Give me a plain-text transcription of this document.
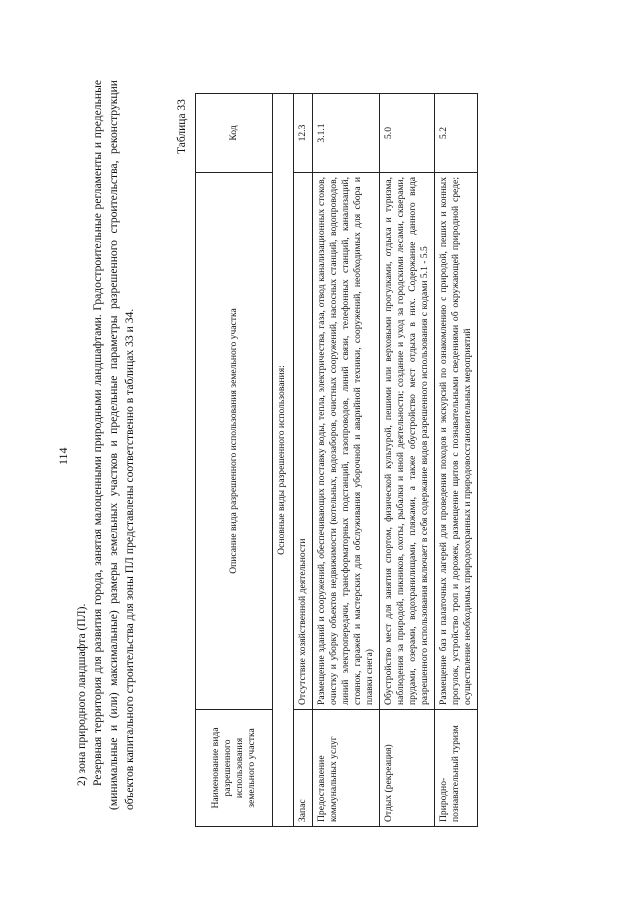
114

2) зона природного ландшафта (ПЛ). Резервная территория для развития города, занятая малоценными природными ландшафтами. Градостроительные регламенты и предельные (минимальные и (или) максимальные) размеры земельных участков и предельные параметры разрешенного строительства, реконструкции объектов капитального строительства для зоны ПЛ представлены соответственно в таблицах 33 и 34.

Таблица 33
Наименование вида разрешенного использования земельного участка	Описание вида разрешенного использования земельного участка	Код
Основные виды разрешенного использования:		
Запас	Отсутствие хозяйственной деятельности	12.3
Предоставление коммунальных услуг	Размещение зданий и сооружений, обеспечивающих поставку воды, тепла, электричества, газа, отвод канализационных стоков, очистку и уборку объектов недвижимости (котельных, водозаборов, очистных сооружений, насосных станций, водопроводов, линий электропередачи, трансформаторных подстанций, газопроводов, линий связи, телефонных станций, канализаций, стоянок, гаражей и мастерских для обслуживания уборочной и аварийной техники, сооружений, необходимых для сбора и плавки снега)	3.1.1
Отдых (рекреация)	Обустройство мест для занятия спортом, физической культурой, пешими или верховыми прогулками, отдыха и туризма, наблюдения за природой, пикников, охоты, рыбалки и иной деятельности; создание и уход за городскими лесами, скверами, прудами, озерами, водохранилищами, пляжами, а также обустройство мест отдыха в них. Содержание данного вида разрешенного использования включает в себя содержание видов разрешенного использования с кодами 5.1 - 5.5	5.0
Природно-познавательный туризм	Размещение баз и палаточных лагерей для проведения походов и экскурсий по ознакомлению с природой, пеших и конных прогулок, устройство троп и дорожек, размещение щитов с познавательными сведениями об окружающей природной среде; осуществление необходимых природоохранных и природовосстановительных мероприятий	5.2
